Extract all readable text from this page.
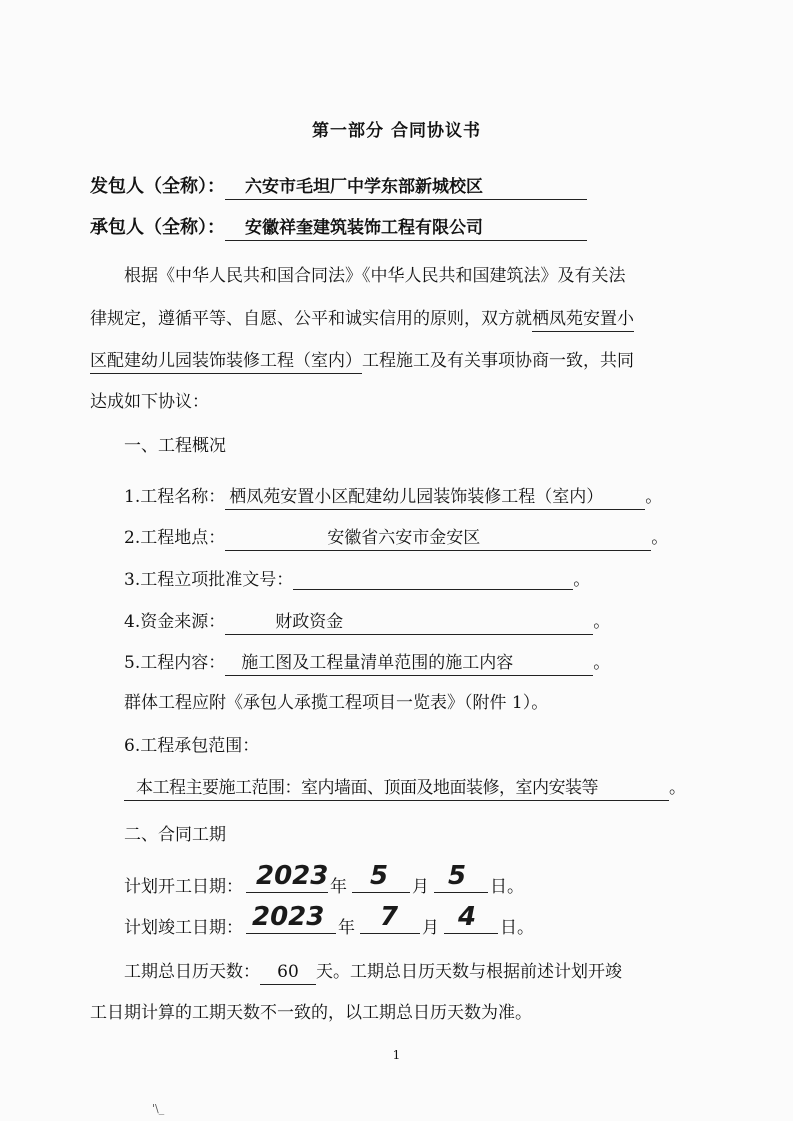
第一部分 合同协议书
发包人（全称）： 六安市毛坦厂中学东部新城校区
承包人（全称）： 安徽祥奎建筑装饰工程有限公司
根据《中华人民共和国合同法》《中华人民共和国建筑法》及有关法
律规定，遵循平等、自愿、公平和诚实信用的原则，双方就栖凤苑安置小
区配建幼儿园装饰装修工程（室内）工程施工及有关事项协商一致，共同
达成如下协议：
一、工程概况
1.工程名称： 栖凤苑安置小区配建幼儿园装饰装修工程（室内） 。
2.工程地点：	安徽省六安市金安区	。
3.工程立项批准文号：	。
4.资金来源：	财政资金	。
5.工程内容： 施工图及工程量清单范围的施工内容	。
群体工程应附《承包人承揽工程项目一览表》（附件 1）。
6.工程承包范围：
本工程主要施工范围：室内墙面、顶面及地面装修，室内安装等	。
二、合同工期
计划开工日期： 2023 年 5 月 5 日。
计划竣工日期： 2023 年 7 月 4 日。
工期总日历天数： 60 天。工期总日历天数与根据前述计划开竣
工日期计算的工期天数不一致的，以工期总日历天数为准。
1
'\_
